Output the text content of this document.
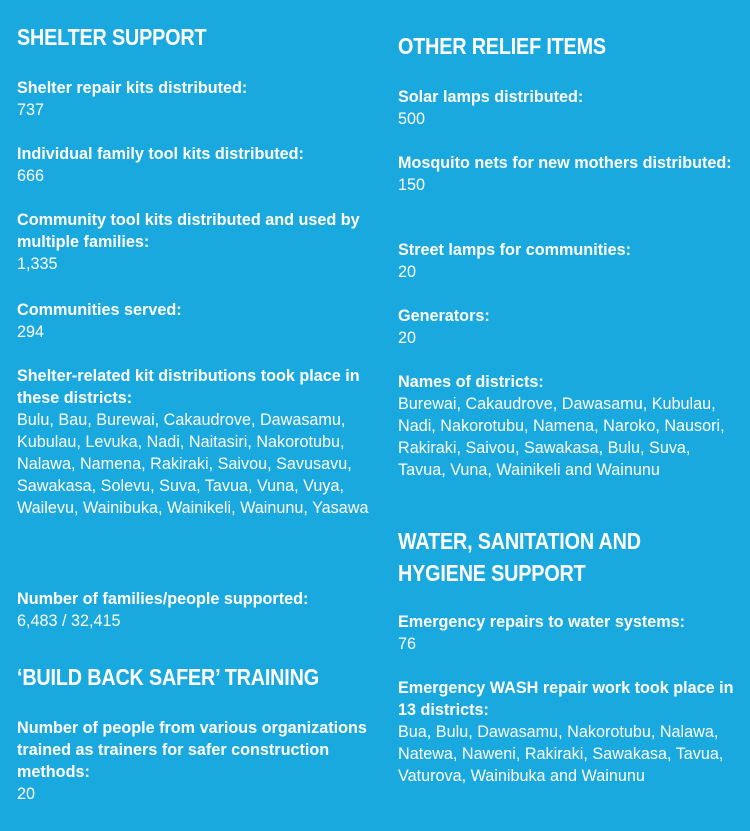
SHELTER SUPPORT
Shelter repair kits distributed:
737
Individual family tool kits distributed:
666
Community tool kits distributed and used by multiple families:
1,335
Communities served:
294
Shelter-related kit distributions took place in these districts:
Bulu, Bau, Burewai, Cakaudrove, Dawasamu, Kubulau, Levuka, Nadi, Naitasiri, Nakorotubu, Nalawa, Namena, Rakiraki, Saivou, Savusavu, Sawakasa, Solevu, Suva, Tavua, Vuna, Vuya, Wailevu, Wainibuka, Wainikeli, Wainunu, Yasawa
Number of families/people supported:
6,483 / 32,415
‘BUILD BACK SAFER’ TRAINING
Number of people from various organizations trained as trainers for safer construction methods:
20
OTHER RELIEF ITEMS
Solar lamps distributed:
500
Mosquito nets for new mothers distributed:
150
Street lamps for communities:
20
Generators:
20
Names of districts:
Burewai, Cakaudrove, Dawasamu, Kubulau, Nadi, Nakorotubu, Namena, Naroko, Nausori, Rakiraki, Saivou, Sawakasa, Bulu, Suva, Tavua, Vuna, Wainikeli and Wainunu
WATER, SANITATION AND
HYGIENE SUPPORT
Emergency repairs to water systems:
76
Emergency WASH repair work took place in 13 districts:
Bua, Bulu, Dawasamu, Nakorotubu, Nalawa, Natewa, Naweni, Rakiraki, Sawakasa, Tavua, Vaturova, Wainibuka and Wainunu
